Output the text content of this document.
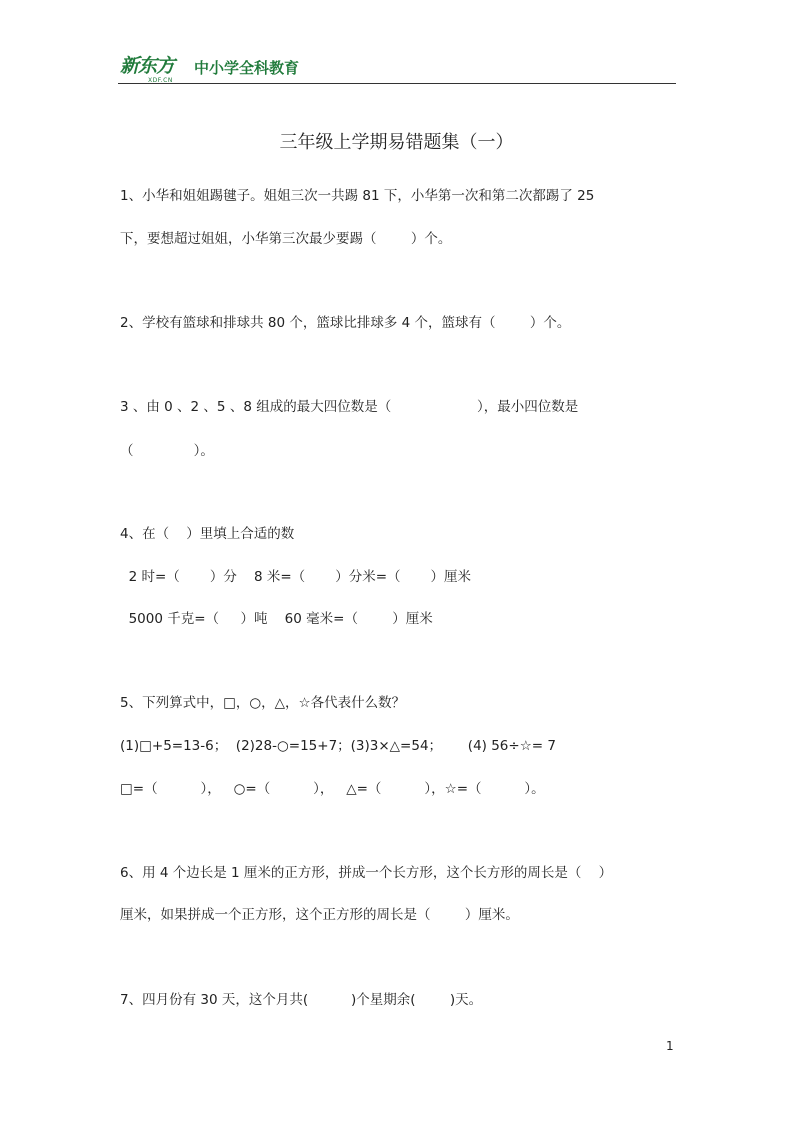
新东方
XDF.CN
中小学全科教育
三年级上学期易错题集（一）
1、小华和姐姐踢毽子。姐姐三次一共踢 81 下，小华第一次和第二次都踢了 25
下，要想超过姐姐，小华第三次最少要踢（        ）个。
2、学校有篮球和排球共 80 个，篮球比排球多 4 个，篮球有（        ）个。
3 、由 0 、2 、5 、8 组成的最大四位数是（                    ），最小四位数是
（              ）。
4、在（    ）里填上合适的数
2 时=（       ）分    8 米=（       ）分米=（       ）厘米
5000 千克=（     ）吨    60 毫米=（        ）厘米
5、下列算式中，□，○，△，☆各代表什么数？
(1)□+5=13-6；  (2)28-○=15+7；(3)3×△=54；      (4) 56÷☆= 7
□=（          ），   ○=（          ），   △=（          ），☆=（          ）。
6、用 4 个边长是 1 厘米的正方形，拼成一个长方形，这个长方形的周长是（    ）
厘米，如果拼成一个正方形，这个正方形的周长是（        ）厘米。
7、四月份有 30 天，这个月共(          )个星期余(        )天。
1
